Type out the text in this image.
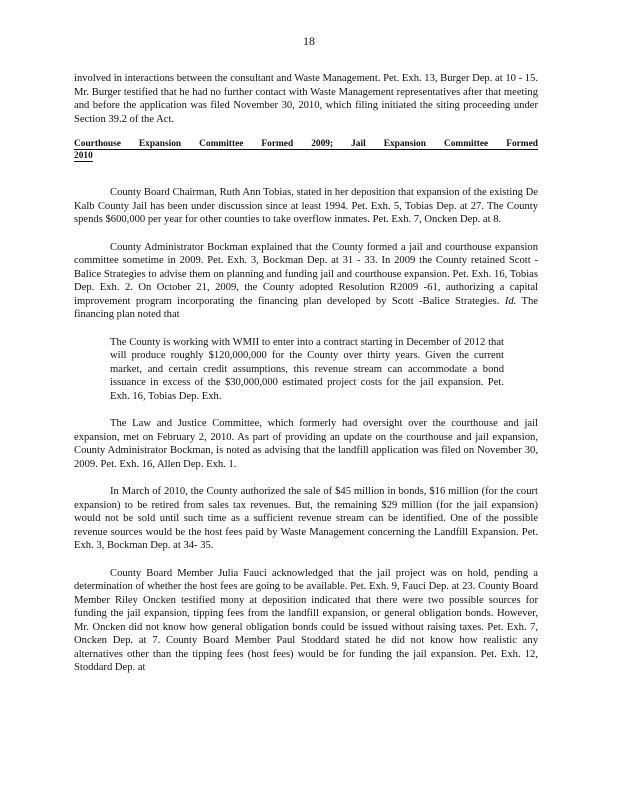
18

involved in interactions between the consultant and Waste Management. Pet. Exh. 13, Burger Dep. at 10 - 15. Mr. Burger testified that he had no further contact with Waste Management representatives after that meeting and before the application was filed November 30, 2010, which filing initiated the siting proceeding under Section 39.2 of the Act.

Courthouse Expansion Committee Formed 2009; Jail Expansion Committee Formed 2010

County Board Chairman, Ruth Ann Tobias, stated in her deposition that expansion of the existing De Kalb County Jail has been under discussion since at least 1994. Pet. Exh. 5, Tobias Dep. at 27. The County spends $600,000 per year for other counties to take overflow inmates. Pet. Exh. 7, Oncken Dep. at 8.

County Administrator Bockman explained that the County formed a jail and courthouse expansion committee sometime in 2009. Pet. Exh. 3, Bockman Dep. at 31 - 33. In 2009 the County retained Scott - Balice Strategies to advise them on planning and funding jail and courthouse expansion. Pet. Exh. 16, Tobias Dep. Exh. 2. On October 21, 2009, the County adopted Resolution R2009 -61, authorizing a capital improvement program incorporating the financing plan developed by Scott -Balice Strategies. Id. The financing plan noted that

The County is working with WMII to enter into a contract starting in December of 2012 that will produce roughly $120,000,000 for the County over thirty years. Given the current market, and certain credit assumptions, this revenue stream can accommodate a bond issuance in excess of the $30,000,000 estimated project costs for the jail expansion. Pet. Exh. 16, Tobias Dep. Exh.

The Law and Justice Committee, which formerly had oversight over the courthouse and jail expansion, met on February 2, 2010. As part of providing an update on the courthouse and jail expansion, County Administrator Bockman, is noted as advising that the landfill application was filed on November 30, 2009. Pet. Exh. 16, Allen Dep. Exh. 1.

In March of 2010, the County authorized the sale of $45 million in bonds, $16 million (for the court expansion) to be retired from sales tax revenues. But, the remaining $29 million (for the jail expansion) would not be sold until such time as a sufficient revenue stream can be identified. One of the possible revenue sources would be the host fees paid by Waste Management concerning the Landfill Expansion. Pet. Exh. 3, Bockman Dep. at 34- 35.

County Board Member Julia Fauci acknowledged that the jail project was on hold, pending a determination of whether the host fees are going to be available. Pet. Exh. 9, Fauci Dep. at 23. County Board Member Riley Oncken testified mony at deposition indicated that there were two possible sources for funding the jail expansion, tipping fees from the landfill expansion, or general obligation bonds. However, Mr. Oncken did not know how general obligation bonds could be issued without raising taxes. Pet. Exh. 7, Oncken Dep. at 7. County Board Member Paul Stoddard stated he did not know how realistic any alternatives other than the tipping fees (host fees) would be for funding the jail expansion. Pet. Exh. 12, Stoddard Dep. at
